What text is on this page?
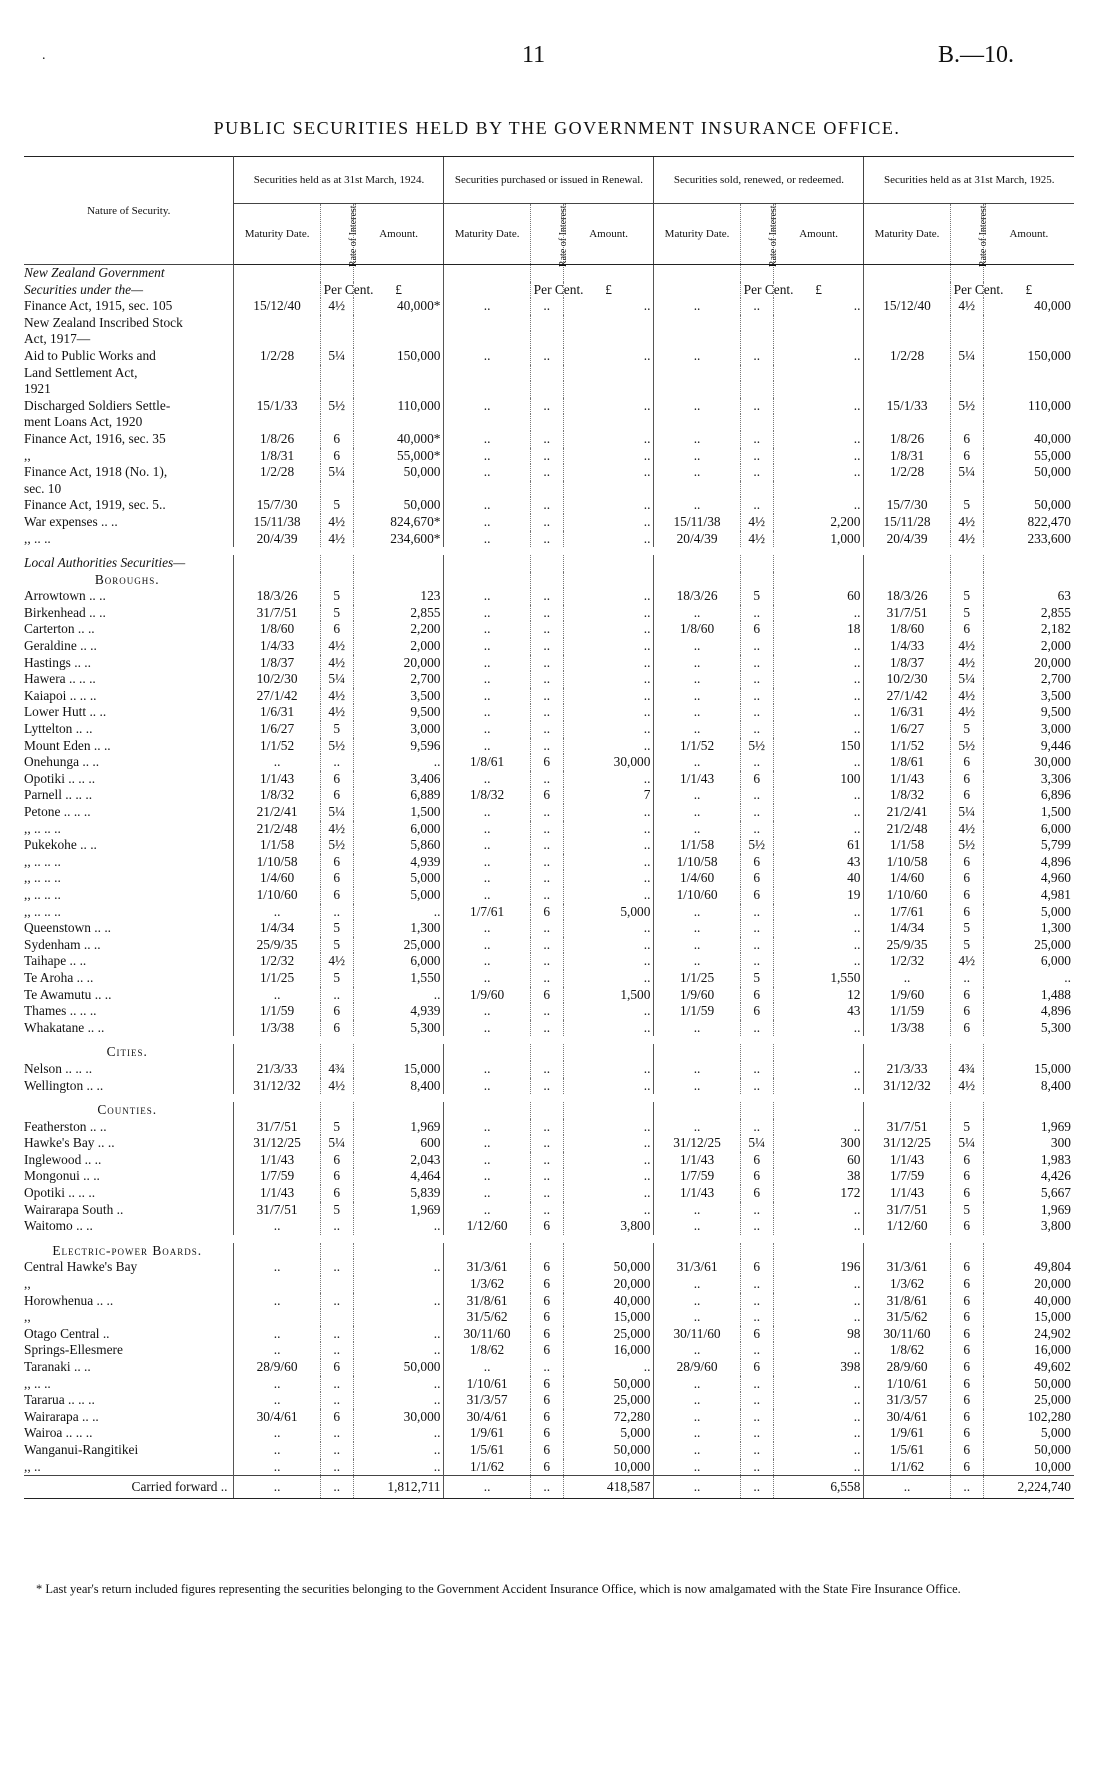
.	11	B.—10.
PUBLIC SECURITIES HELD BY THE GOVERNMENT INSURANCE OFFICE.
Nature of Security.	Securities held as at 31st March, 1924.			Securities purchased or issued in Renewal.			Securities sold, renewed, or redeemed.			Securities held as at 31st March, 1925.		
	Maturity Date.	Rate of Interest.	Amount.	Maturity Date.	Rate of Interest.	Amount.	Maturity Date.	Rate of Interest.	Amount.	Maturity Date.	Rate of Interest.	Amount.
New Zealand Government												
Securities under the—		Per Cent.	£		Per Cent.	£		Per Cent.	£		Per Cent.	£
Finance Act, 1915, sec. 105	15/12/40	4½	40,000*	..	..	..	..	..	..	15/12/40	4½	40,000
New Zealand Inscribed Stock												
Act, 1917—												
Aid to Public Works and	1/2/28	5¼	150,000	..	..	..	..	..	..	1/2/28	5¼	150,000
Land Settlement Act,												
1921												
Discharged Soldiers Settle-	15/1/33	5½	110,000	..	..	..	..	..	..	15/1/33	5½	110,000
ment Loans Act, 1920												
Finance Act, 1916, sec. 35	1/8/26	6	40,000*	..	..	..	..	..	..	1/8/26	6	40,000
,,	1/8/31	6	55,000*	..	..	..	..	..	..	1/8/31	6	55,000
Finance Act, 1918 (No. 1),	1/2/28	5¼	50,000	..	..	..	..	..	..	1/2/28	5¼	50,000
sec. 10												
Finance Act, 1919, sec. 5..	15/7/30	5	50,000	..	..	..	..	..	..	15/7/30	5	50,000
War expenses .. ..	15/11/38	4½	824,670*	..	..	..	15/11/38	4½	2,200	15/11/28	4½	822,470
,, .. ..	20/4/39	4½	234,600*	..	..	..	20/4/39	4½	1,000	20/4/39	4½	233,600

Local Authorities Securities—												
Boroughs.												
Arrowtown .. ..	18/3/26	5	123	..	..	..	18/3/26	5	60	18/3/26	5	63
Birkenhead .. ..	31/7/51	5	2,855	..	..	..	..	..	..	31/7/51	5	2,855
Carterton .. ..	1/8/60	6	2,200	..	..	..	1/8/60	6	18	1/8/60	6	2,182
Geraldine .. ..	1/4/33	4½	2,000	..	..	..	..	..	..	1/4/33	4½	2,000
Hastings .. ..	1/8/37	4½	20,000	..	..	..	..	..	..	1/8/37	4½	20,000
Hawera .. .. ..	10/2/30	5¼	2,700	..	..	..	..	..	..	10/2/30	5¼	2,700
Kaiapoi .. .. ..	27/1/42	4½	3,500	..	..	..	..	..	..	27/1/42	4½	3,500
Lower Hutt .. ..	1/6/31	4½	9,500	..	..	..	..	..	..	1/6/31	4½	9,500
Lyttelton .. ..	1/6/27	5	3,000	..	..	..	..	..	..	1/6/27	5	3,000
Mount Eden .. ..	1/1/52	5½	9,596	..	..	..	1/1/52	5½	150	1/1/52	5½	9,446
Onehunga .. ..	..	..	..	1/8/61	6	30,000	..	..	..	1/8/61	6	30,000
Opotiki .. .. ..	1/1/43	6	3,406	..	..	..	1/1/43	6	100	1/1/43	6	3,306
Parnell .. .. ..	1/8/32	6	6,889	1/8/32	6	7	..	..	..	1/8/32	6	6,896
Petone .. .. ..	21/2/41	5¼	1,500	..	..	..	..	..	..	21/2/41	5¼	1,500
,, .. .. ..	21/2/48	4½	6,000	..	..	..	..	..	..	21/2/48	4½	6,000
Pukekohe .. ..	1/1/58	5½	5,860	..	..	..	1/1/58	5½	61	1/1/58	5½	5,799
,, .. .. ..	1/10/58	6	4,939	..	..	..	1/10/58	6	43	1/10/58	6	4,896
,, .. .. ..	1/4/60	6	5,000	..	..	..	1/4/60	6	40	1/4/60	6	4,960
,, .. .. ..	1/10/60	6	5,000	..	..	..	1/10/60	6	19	1/10/60	6	4,981
,, .. .. ..	..	..	..	1/7/61	6	5,000	..	..	..	1/7/61	6	5,000
Queenstown .. ..	1/4/34	5	1,300	..	..	..	..	..	..	1/4/34	5	1,300
Sydenham .. ..	25/9/35	5	25,000	..	..	..	..	..	..	25/9/35	5	25,000
Taihape .. ..	1/2/32	4½	6,000	..	..	..	..	..	..	1/2/32	4½	6,000
Te Aroha .. ..	1/1/25	5	1,550	..	..	..	1/1/25	5	1,550	..	..	..
Te Awamutu .. ..	..	..	..	1/9/60	6	1,500	1/9/60	6	12	1/9/60	6	1,488
Thames .. .. ..	1/1/59	6	4,939	..	..	..	1/1/59	6	43	1/1/59	6	4,896
Whakatane .. ..	1/3/38	6	5,300	..	..	..	..	..	..	1/3/38	6	5,300

Cities.												
Nelson .. .. ..	21/3/33	4¾	15,000	..	..	..	..	..	..	21/3/33	4¾	15,000
Wellington .. ..	31/12/32	4½	8,400	..	..	..	..	..	..	31/12/32	4½	8,400

Counties.												
Featherston .. ..	31/7/51	5	1,969	..	..	..	..	..	..	31/7/51	5	1,969
Hawke's Bay .. ..	31/12/25	5¼	600	..	..	..	31/12/25	5¼	300	31/12/25	5¼	300
Inglewood .. ..	1/1/43	6	2,043	..	..	..	1/1/43	6	60	1/1/43	6	1,983
Mongonui .. ..	1/7/59	6	4,464	..	..	..	1/7/59	6	38	1/7/59	6	4,426
Opotiki .. .. ..	1/1/43	6	5,839	..	..	..	1/1/43	6	172	1/1/43	6	5,667
Wairarapa South ..	31/7/51	5	1,969	..	..	..	..	..	..	31/7/51	5	1,969
Waitomo .. ..	..	..	..	1/12/60	6	3,800	..	..	..	1/12/60	6	3,800

Electric-power Boards.												
Central Hawke's Bay	..	..	..	31/3/61	6	50,000	31/3/61	6	196	31/3/61	6	49,804
,,				1/3/62	6	20,000	..	..	..	1/3/62	6	20,000
Horowhenua .. ..	..	..	..	31/8/61	6	40,000	..	..	..	31/8/61	6	40,000
,,				31/5/62	6	15,000	..	..	..	31/5/62	6	15,000
Otago Central ..	..	..	..	30/11/60	6	25,000	30/11/60	6	98	30/11/60	6	24,902
Springs-Ellesmere	..	..	..	1/8/62	6	16,000	..	..	..	1/8/62	6	16,000
Taranaki .. ..	28/9/60	6	50,000	..	..	..	28/9/60	6	398	28/9/60	6	49,602
,, .. ..	..	..	..	1/10/61	6	50,000	..	..	..	1/10/61	6	50,000
Tararua .. .. ..	..	..	..	31/3/57	6	25,000	..	..	..	31/3/57	6	25,000
Wairarapa .. ..	30/4/61	6	30,000	30/4/61	6	72,280	..	..	..	30/4/61	6	102,280
Wairoa .. .. ..	..	..	..	1/9/61	6	5,000	..	..	..	1/9/61	6	5,000
Wanganui-Rangitikei	..	..	..	1/5/61	6	50,000	..	..	..	1/5/61	6	50,000
,, ..	..	..	..	1/1/62	6	10,000	..	..	..	1/1/62	6	10,000
Carried forward ..	..	..	1,812,711	..	..	418,587	..	..	6,558	..	..	2,224,740
* Last year's return included figures representing the securities belonging to the Government Accident Insurance Office, which is now amalgamated with the State Fire Insurance Office.
